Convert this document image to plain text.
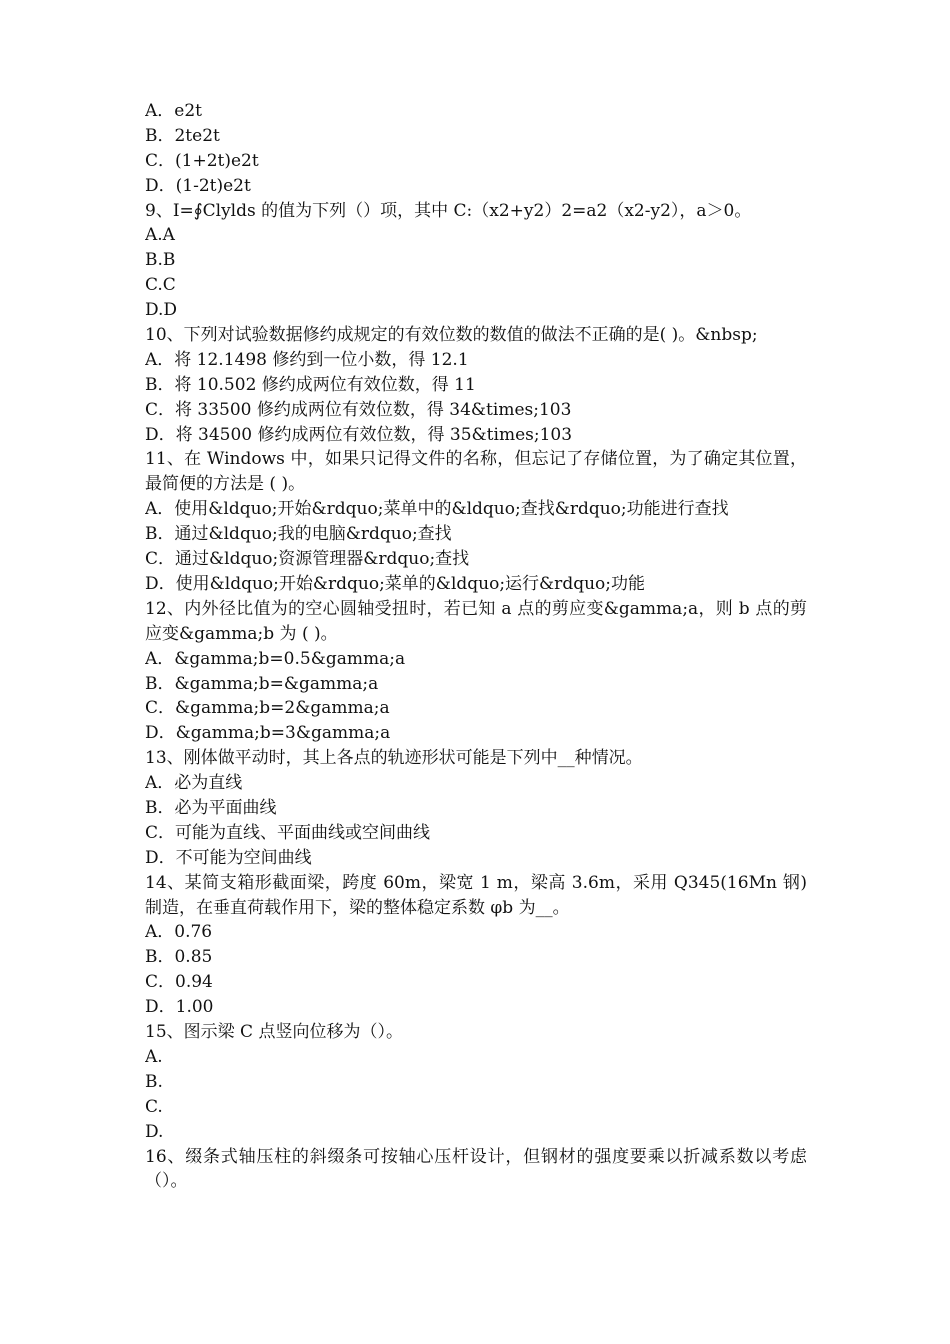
A．e2t
B．2te2t
C．(1+2t)e2t
D．(1-2t)e2t
9、I=∮Clylds 的值为下列（）项，其中 C:（x2+y2）2=a2（x2-y2），a＞0。
A.A
B.B
C.C
D.D
10、下列对试验数据修约成规定的有效位数的数值的做法不正确的是( )。&nbsp;
A．将 12.1498 修约到一位小数，得 12.1
B．将 10.502 修约成两位有效位数，得 11
C．将 33500 修约成两位有效位数，得 34&times;103
D．将 34500 修约成两位有效位数，得 35&times;103
11、在 Windows 中，如果只记得文件的名称，但忘记了存储位置，为了确定其位置，最简便的方法是 ( )。
A．使用&ldquo;开始&rdquo;菜单中的&ldquo;查找&rdquo;功能进行查找
B．通过&ldquo;我的电脑&rdquo;查找
C．通过&ldquo;资源管理器&rdquo;查找
D．使用&ldquo;开始&rdquo;菜单的&ldquo;运行&rdquo;功能
12、内外径比值为的空心圆轴受扭时，若已知 a 点的剪应变&gamma;a，则 b 点的剪应变&gamma;b 为 ( )。
A．&gamma;b=0.5&gamma;a
B．&gamma;b=&gamma;a
C．&gamma;b=2&gamma;a
D．&gamma;b=3&gamma;a
13、刚体做平动时，其上各点的轨迹形状可能是下列中__种情况。
A．必为直线
B．必为平面曲线
C．可能为直线、平面曲线或空间曲线
D．不可能为空间曲线
14、某简支箱形截面梁，跨度 60m，梁宽 1 m，梁高 3.6m，采用 Q345(16Mn 钢)制造，在垂直荷载作用下，梁的整体稳定系数 φb 为__。
A．0.76
B．0.85
C．0.94
D．1.00
15、图示梁 C 点竖向位移为（）。
A.
B.
C.
D.
16、缀条式轴压柱的斜缀条可按轴心压杆设计，但钢材的强度要乘以折减系数以考虑（）。
